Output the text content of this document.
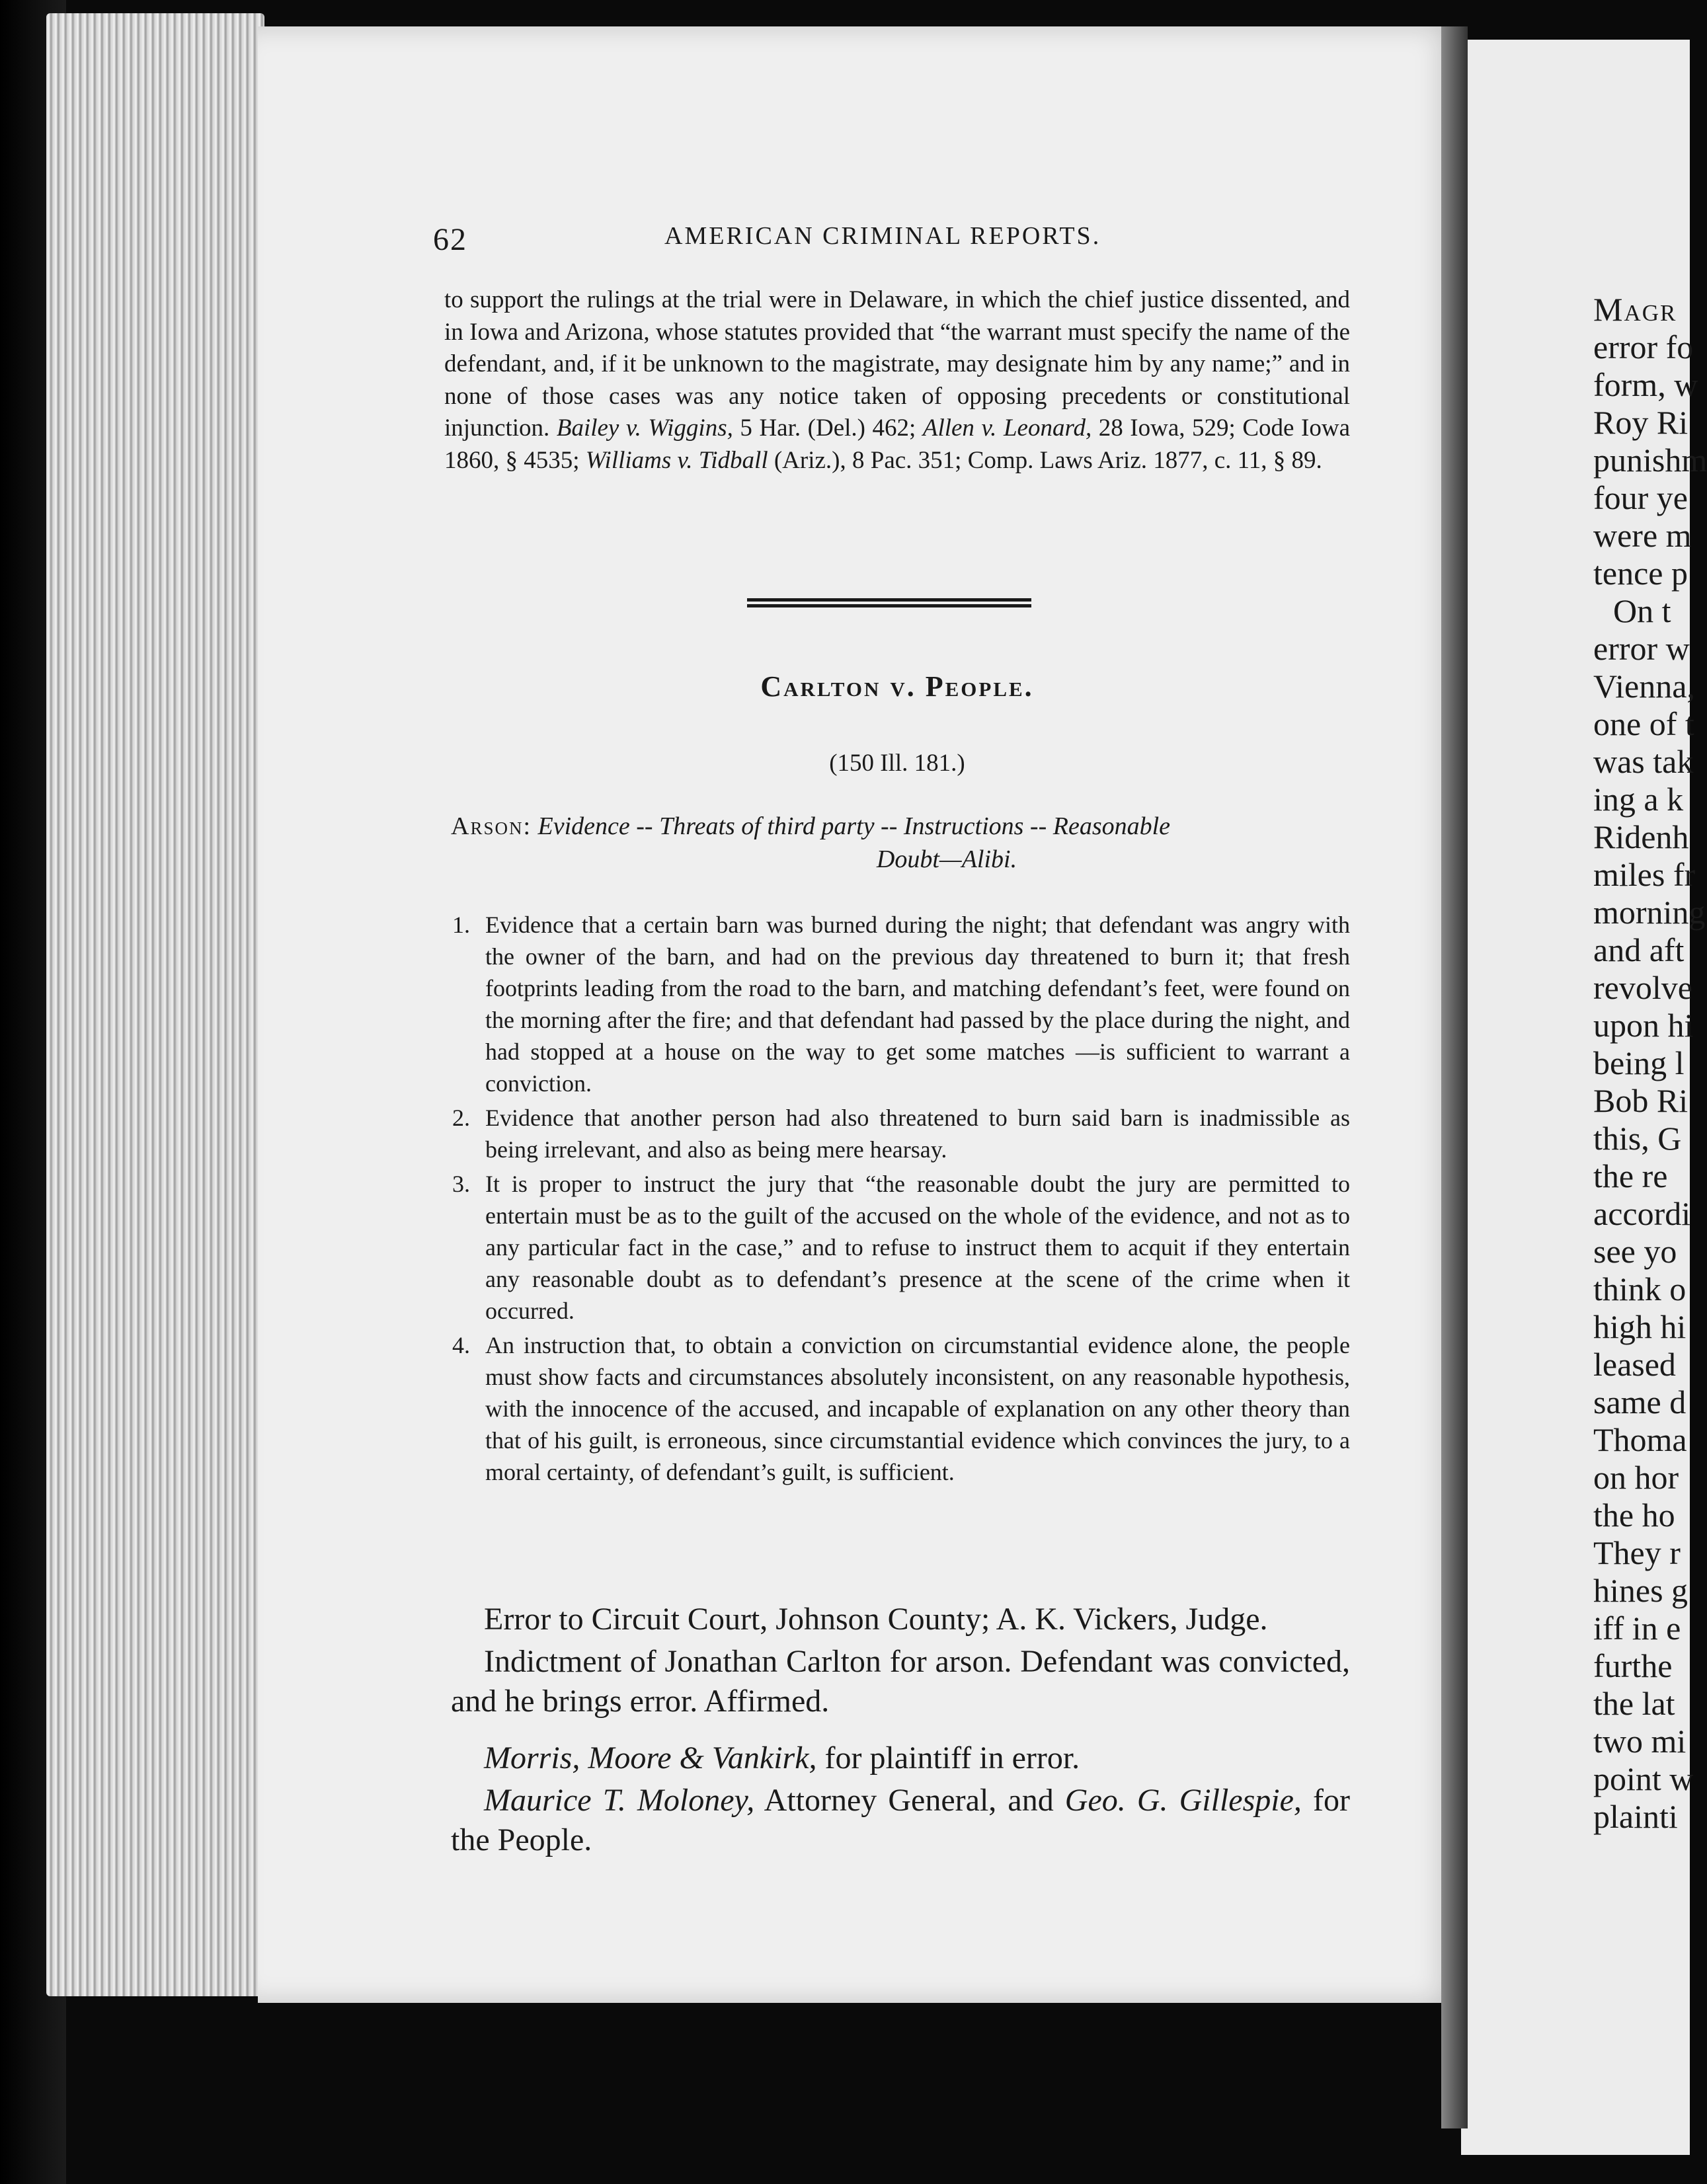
Magr
error fo
form, w
Roy Ri
punishm
four ye
were m
tence p
On t
error w
Vienna,
one of t
was tak
ing a k
Ridenh
miles fr
morning
and aft
revolve
upon hi
being l
Bob Ri
this, G
the re
accordi
see yo
think o
high hi
leased
same d
Thoma
on hor
the ho
They r
hines g
iff in e
furthe
the lat
two mi
point w
plainti
62	AMERICAN CRIMINAL REPORTS.
to support the rulings at the trial were in Delaware, in which the chief justice dissented, and in Iowa and Arizona, whose statutes provided that “the warrant must specify the name of the defendant, and, if it be unknown to the magistrate, may designate him by any name;” and in none of those cases was any notice taken of opposing precedents or constitutional injunction. Bailey v. Wiggins, 5 Har. (Del.) 462; Allen v. Leonard, 28 Iowa, 529; Code Iowa 1860, § 4535; Williams v. Tidball (Ariz.), 8 Pac. 351; Comp. Laws Ariz. 1877, c. 11, § 89.
Carlton v. People.
(150 Ill. 181.)
Arson: Evidence -- Threats of third party -- Instructions -- Reasonable
Doubt—Alibi.
1. Evidence that a certain barn was burned during the night; that defendant was angry with the owner of the barn, and had on the previous day threatened to burn it; that fresh footprints leading from the road to the barn, and matching defendant’s feet, were found on the morning after the fire; and that defendant had passed by the place during the night, and had stopped at a house on the way to get some matches —is sufficient to warrant a conviction.
2. Evidence that another person had also threatened to burn said barn is inadmissible as being irrelevant, and also as being mere hearsay.
3. It is proper to instruct the jury that “the reasonable doubt the jury are permitted to entertain must be as to the guilt of the accused on the whole of the evidence, and not as to any particular fact in the case,” and to refuse to instruct them to acquit if they entertain any reasonable doubt as to defendant’s presence at the scene of the crime when it occurred.
4. An instruction that, to obtain a conviction on circumstantial evidence alone, the people must show facts and circumstances absolutely inconsistent, on any reasonable hypothesis, with the innocence of the accused, and incapable of explanation on any other theory than that of his guilt, is erroneous, since circumstantial evidence which convinces the jury, to a moral certainty, of defendant’s guilt, is sufficient.

Error to Circuit Court, Johnson County; A. K. Vickers, Judge.

Indictment of Jonathan Carlton for arson. Defendant was convicted, and he brings error. Affirmed.

Morris, Moore & Vankirk, for plaintiff in error.

Maurice T. Moloney, Attorney General, and Geo. G. Gillespie, for the People.
